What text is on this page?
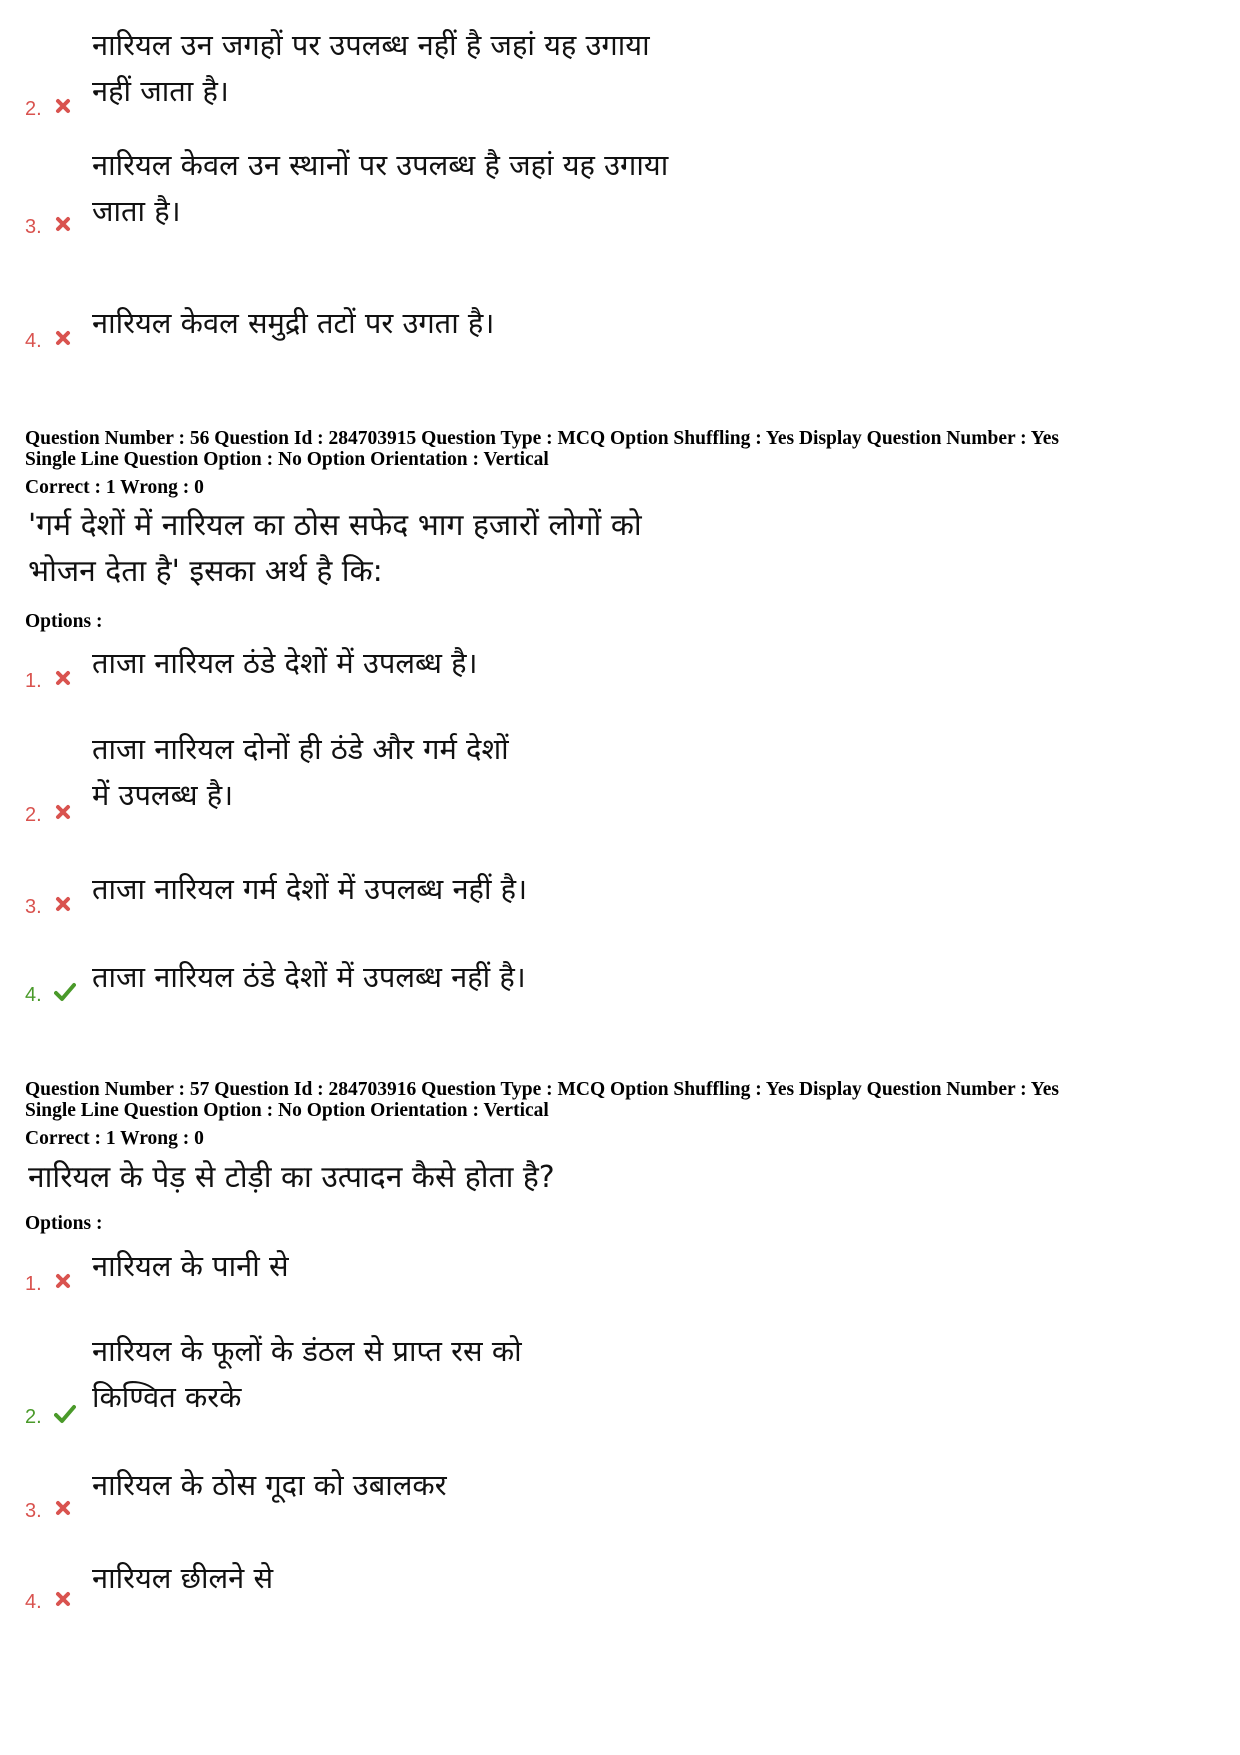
नारियल उन जगहों पर उपलब्ध नहीं है जहां यह उगाया
नहीं जाता है।
2.
नारियल केवल उन स्थानों पर उपलब्ध है जहां यह उगाया
जाता है।
3.
नारियल केवल समुद्री तटों पर उगता है।
4.
Question Number : 56 Question Id : 284703915 Question Type : MCQ Option Shuffling : Yes Display Question Number : Yes
Single Line Question Option : No Option Orientation : Vertical
Correct : 1 Wrong : 0
'गर्म देशों में नारियल का ठोस सफेद भाग हजारों लोगों को
भोजन देता है' इसका अर्थ है कि:
Options :
ताजा नारियल ठंडे देशों में उपलब्ध है।
1.
ताजा नारियल दोनों ही ठंडे और गर्म देशों
में उपलब्ध है।
2.
ताजा नारियल गर्म देशों में उपलब्ध नहीं है।
3.
ताजा नारियल ठंडे देशों में उपलब्ध नहीं है।
4.
Question Number : 57 Question Id : 284703916 Question Type : MCQ Option Shuffling : Yes Display Question Number : Yes
Single Line Question Option : No Option Orientation : Vertical
Correct : 1 Wrong : 0
नारियल के पेड़ से टोड़ी का उत्पादन कैसे होता है?
Options :
नारियल के पानी से
1.
नारियल के फूलों के डंठल से प्राप्त रस को
किण्वित करके
2.
नारियल के ठोस गूदा को उबालकर
3.
नारियल छीलने से
4.
